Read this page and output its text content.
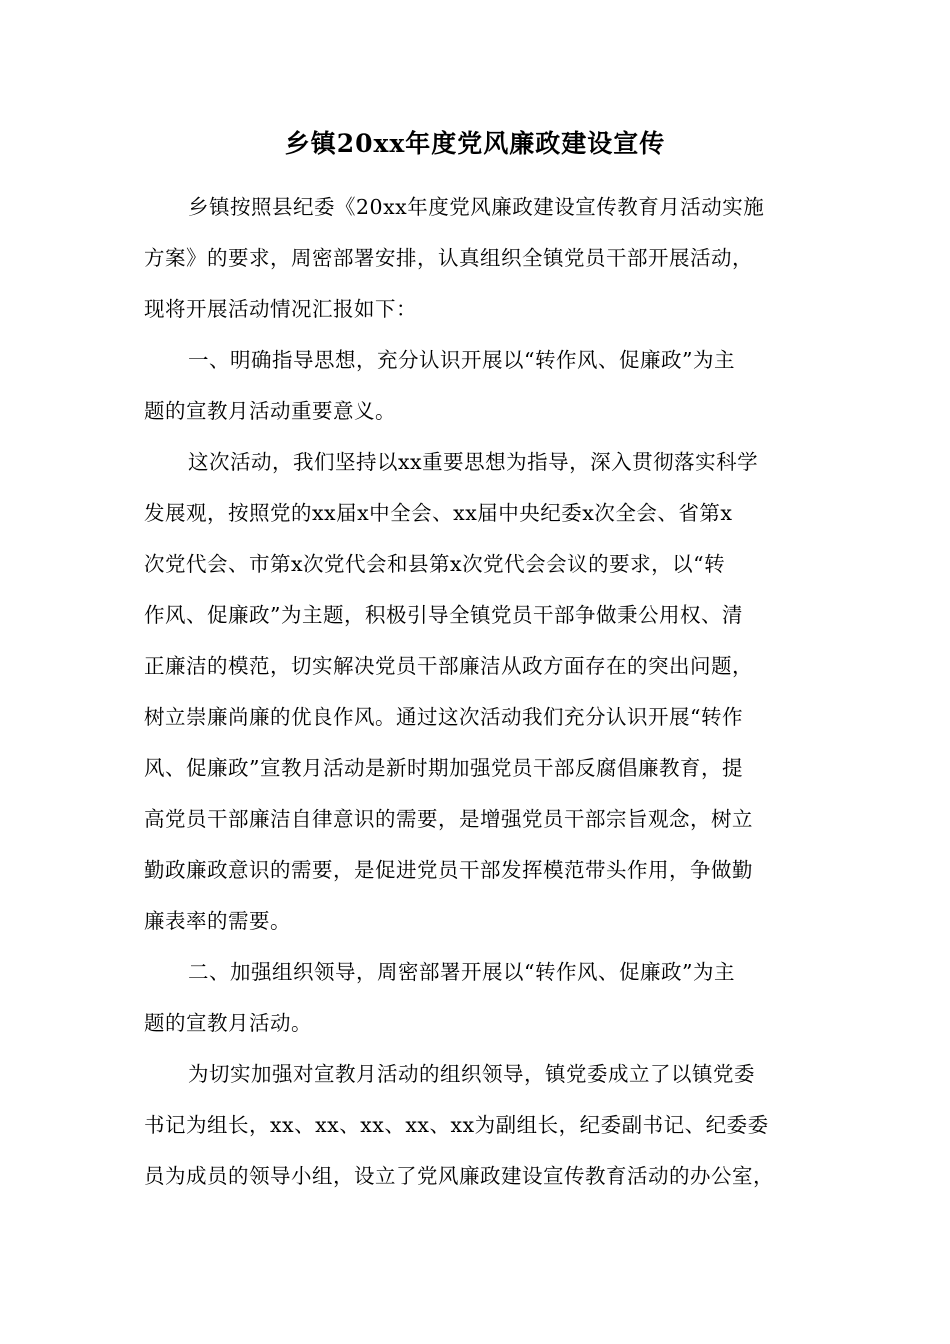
乡镇20xx年度党风廉政建设宣传
乡镇按照县纪委《20xx年度党风廉政建设宣传教育月活动实施
方案》的要求，周密部署安排，认真组织全镇党员干部开展活动，
现将开展活动情况汇报如下：
一、明确指导思想，充分认识开展以“转作风、促廉政”为主
题的宣教月活动重要意义。
这次活动，我们坚持以xx重要思想为指导，深入贯彻落实科学
发展观，按照党的xx届x中全会、xx届中央纪委x次全会、省第x
次党代会、市第x次党代会和县第x次党代会会议的要求，以“转
作风、促廉政”为主题，积极引导全镇党员干部争做秉公用权、清
正廉洁的模范，切实解决党员干部廉洁从政方面存在的突出问题，
树立崇廉尚廉的优良作风。通过这次活动我们充分认识开展“转作
风、促廉政”宣教月活动是新时期加强党员干部反腐倡廉教育，提
高党员干部廉洁自律意识的需要，是增强党员干部宗旨观念，树立
勤政廉政意识的需要，是促进党员干部发挥模范带头作用，争做勤
廉表率的需要。
二、加强组织领导，周密部署开展以“转作风、促廉政”为主
题的宣教月活动。
为切实加强对宣教月活动的组织领导，镇党委成立了以镇党委
书记为组长，xx、xx、xx、xx、xx为副组长，纪委副书记、纪委委
员为成员的领导小组，设立了党风廉政建设宣传教育活动的办公室，
